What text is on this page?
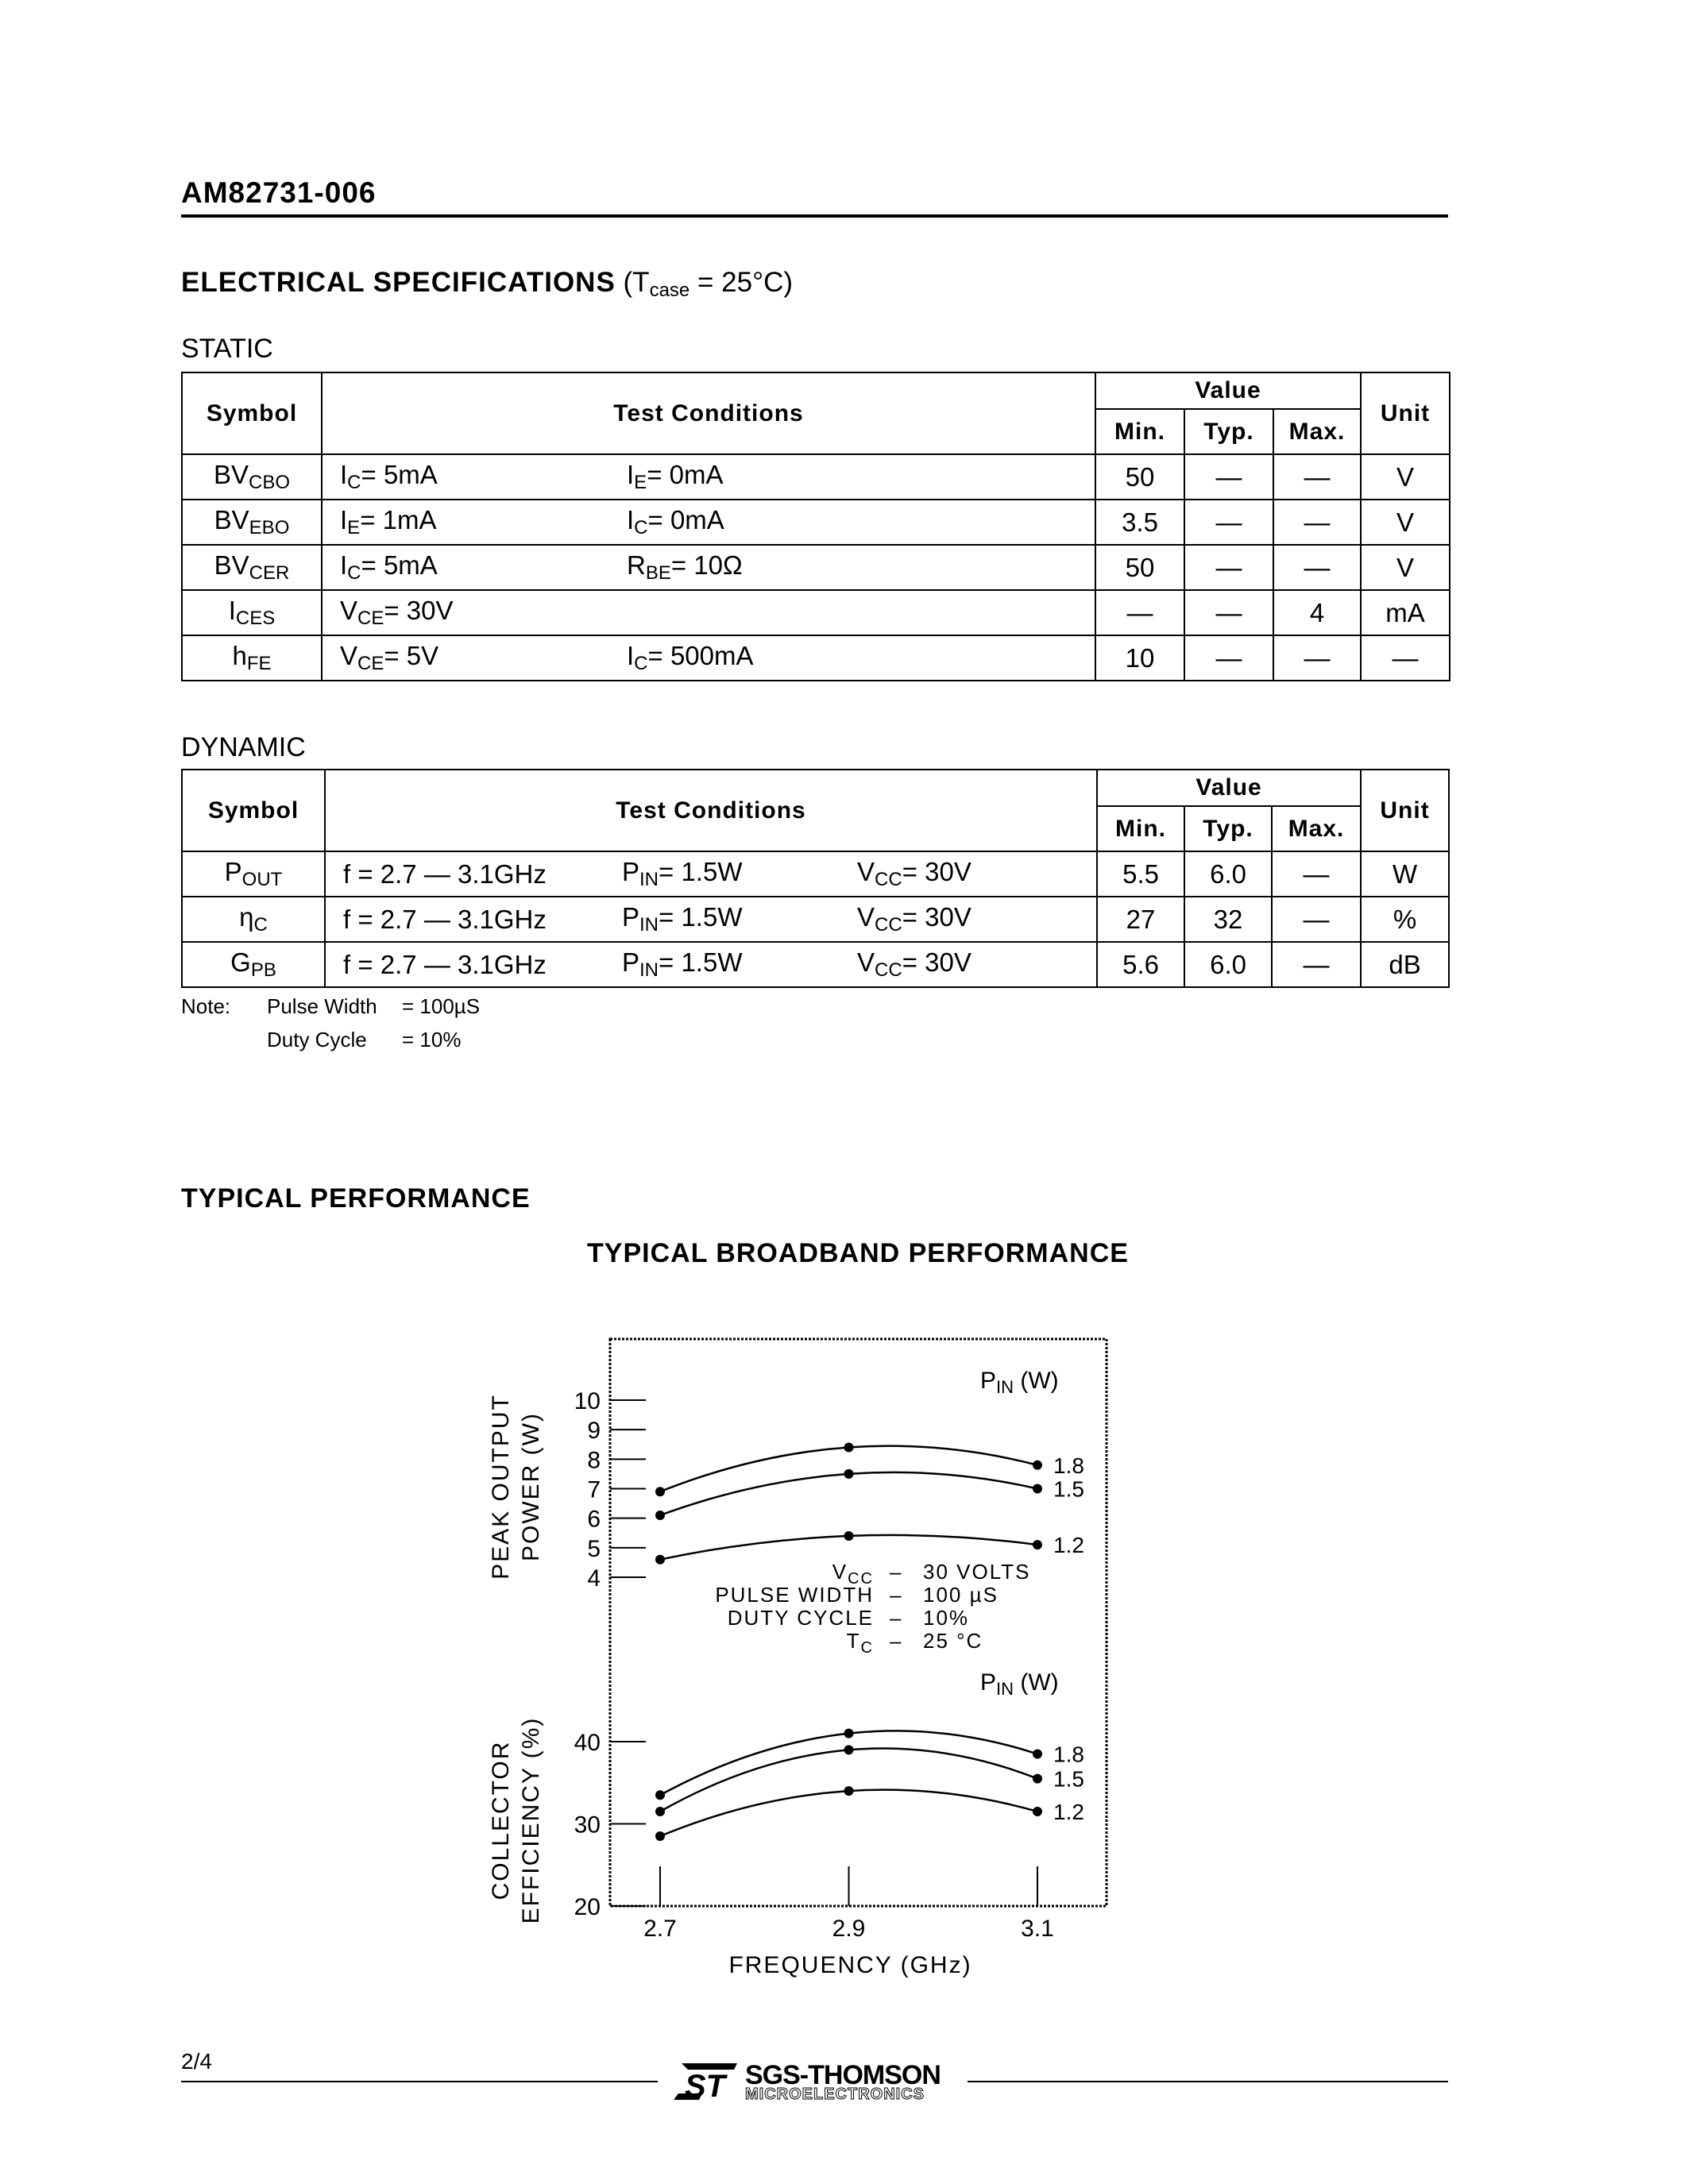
AM82731-006
ELECTRICAL SPECIFICATIONS $(T_{case} = 25^\circ C)$
STATIC
Symbol	Test Conditions		Value			Unit
			Min.	Typ.	Max.	
$BV_{CBO}$	$I_C= 5mA$	$I_E= 0mA$	50	—	—	V
$BV_{EBO}$	$I_E= 1mA$	$I_C= 0mA$	3.5	—	—	V
$BV_{CER}$	$I_C= 5mA$	$R_{BE}= 10\Omega$	50	—	—	V
$I_{CES}$	$V_{CE}= 30V$		—	—	4	mA
$h_{FE}$	$V_{CE}= 5V$	$I_C= 500mA$	10	—	—	—
DYNAMIC
Symbol	Test Conditions			Value			Unit
				Min.	Typ.	Max.	
$P_{OUT}$	f = 2.7 — 3.1GHz	$P_{IN}= 1.5W$	$V_{CC}= 30V$	5.5	6.0	—	W
$\eta_C$	f = 2.7 — 3.1GHz	$P_{IN}= 1.5W$	$V_{CC}= 30V$	27	32	—	%
$G_{PB}$	f = 2.7 — 3.1GHz	$P_{IN}= 1.5W$	$V_{CC}= 30V$	5.6	6.0	—	dB
Note: Pulse Width = 100µS
Duty Cycle = 10%
TYPICAL PERFORMANCE
TYPICAL BROADBAND PERFORMANCE
4
5
6
7
8
9
10
20
30
40
2.7	2.9	3.1
FREQUENCY (GHz)
PEAK OUTPUT POWER (W)
COLLECTOR EFFICIENCY (%)
1.8
1.5
1.2
1.8
1.5
1.2
$P_{IN}$ (W)
$P_{IN}$ (W)
$V_{CC} - 30$ VOLTS
PULSE WIDTH – 100 µS
DUTY CYCLE – 10%
$T_C - 25$ °C
2/4
ST SGS-THOMSON
MICROELECTRONICS
